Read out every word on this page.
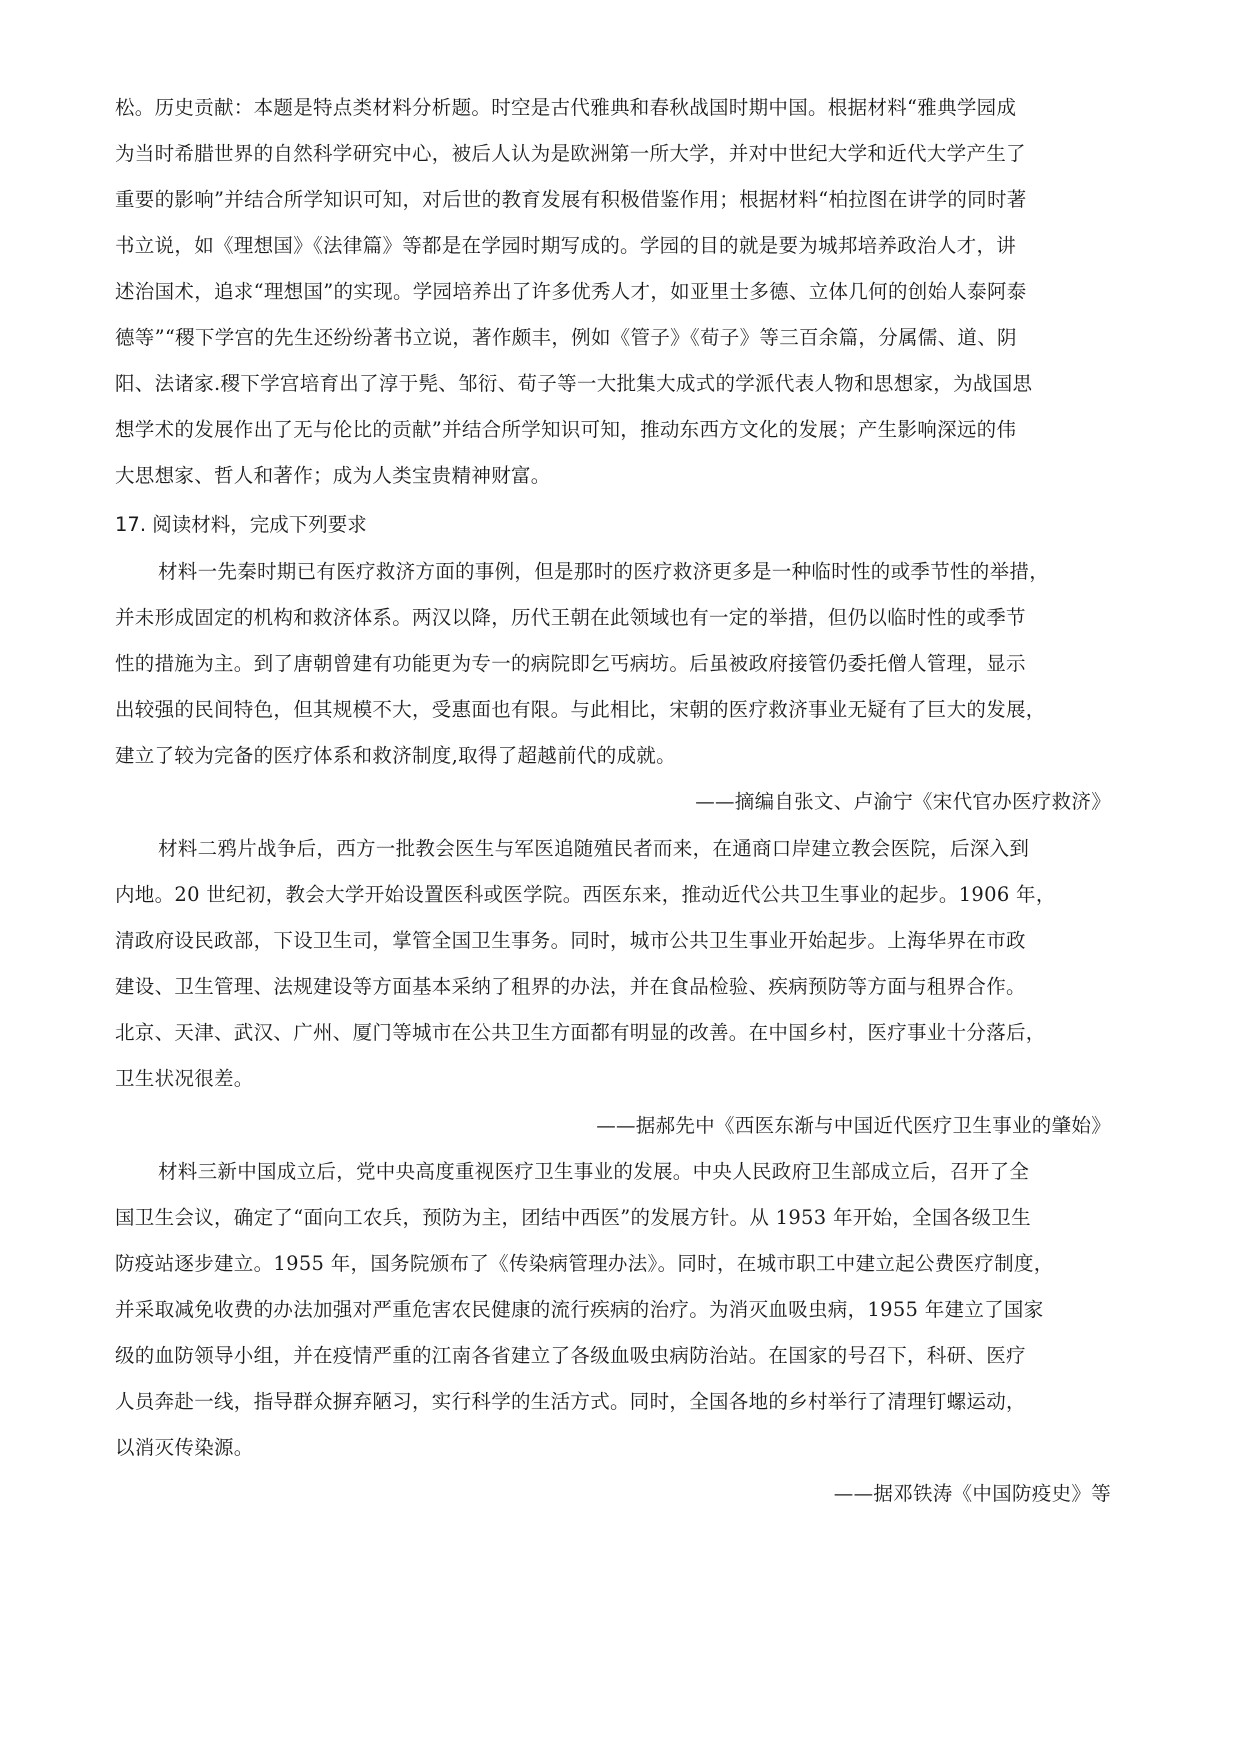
松。历史贡献：本题是特点类材料分析题。时空是古代雅典和春秋战国时期中国。根据材料“雅典学园成
为当时希腊世界的自然科学研究中心，被后人认为是欧洲第一所大学，并对中世纪大学和近代大学产生了
重要的影响”并结合所学知识可知，对后世的教育发展有积极借鉴作用；根据材料“柏拉图在讲学的同时著
书立说，如《理想国》《法律篇》等都是在学园时期写成的。学园的目的就是要为城邦培养政治人才，讲
述治国术，追求“理想国”的实现。学园培养出了许多优秀人才，如亚里士多德、立体几何的创始人泰阿泰
德等”“稷下学宫的先生还纷纷著书立说，著作颇丰，例如《管子》《荀子》等三百余篇，分属儒、道、阴
阳、法诸家.稷下学宫培育出了淳于髡、邹衍、荀子等一大批集大成式的学派代表人物和思想家，为战国思
想学术的发展作出了无与伦比的贡献”并结合所学知识可知，推动东西方文化的发展；产生影响深远的伟
大思想家、哲人和著作；成为人类宝贵精神财富。
17. 阅读材料，完成下列要求
材料一先秦时期已有医疗救济方面的事例，但是那时的医疗救济更多是一种临时性的或季节性的举措，
并未形成固定的机构和救济体系。两汉以降，历代王朝在此领域也有一定的举措，但仍以临时性的或季节
性的措施为主。到了唐朝曾建有功能更为专一的病院即乞丐病坊。后虽被政府接管仍委托僧人管理，显示
出较强的民间特色，但其规模不大，受惠面也有限。与此相比，宋朝的医疗救济事业无疑有了巨大的发展，
建立了较为完备的医疗体系和救济制度,取得了超越前代的成就。
——摘编自张文、卢渝宁《宋代官办医疗救济》
材料二鸦片战争后，西方一批教会医生与军医追随殖民者而来，在通商口岸建立教会医院，后深入到
内地。20 世纪初，教会大学开始设置医科或医学院。西医东来，推动近代公共卫生事业的起步。1906 年，
清政府设民政部，下设卫生司，掌管全国卫生事务。同时，城市公共卫生事业开始起步。上海华界在市政
建设、卫生管理、法规建设等方面基本采纳了租界的办法，并在食品检验、疾病预防等方面与租界合作。
北京、天津、武汉、广州、厦门等城市在公共卫生方面都有明显的改善。在中国乡村，医疗事业十分落后，
卫生状况很差。
——据郝先中《西医东渐与中国近代医疗卫生事业的肇始》
材料三新中国成立后，党中央高度重视医疗卫生事业的发展。中央人民政府卫生部成立后，召开了全
国卫生会议，确定了“面向工农兵，预防为主，团结中西医”的发展方针。从 1953 年开始，全国各级卫生
防疫站逐步建立。1955 年，国务院颁布了《传染病管理办法》。同时，在城市职工中建立起公费医疗制度，
并采取减免收费的办法加强对严重危害农民健康的流行疾病的治疗。为消灭血吸虫病，1955 年建立了国家
级的血防领导小组，并在疫情严重的江南各省建立了各级血吸虫病防治站。在国家的号召下，科研、医疗
人员奔赴一线，指导群众摒弃陋习，实行科学的生活方式。同时，全国各地的乡村举行了清理钉螺运动，
以消灭传染源。
——据邓铁涛《中国防疫史》等
